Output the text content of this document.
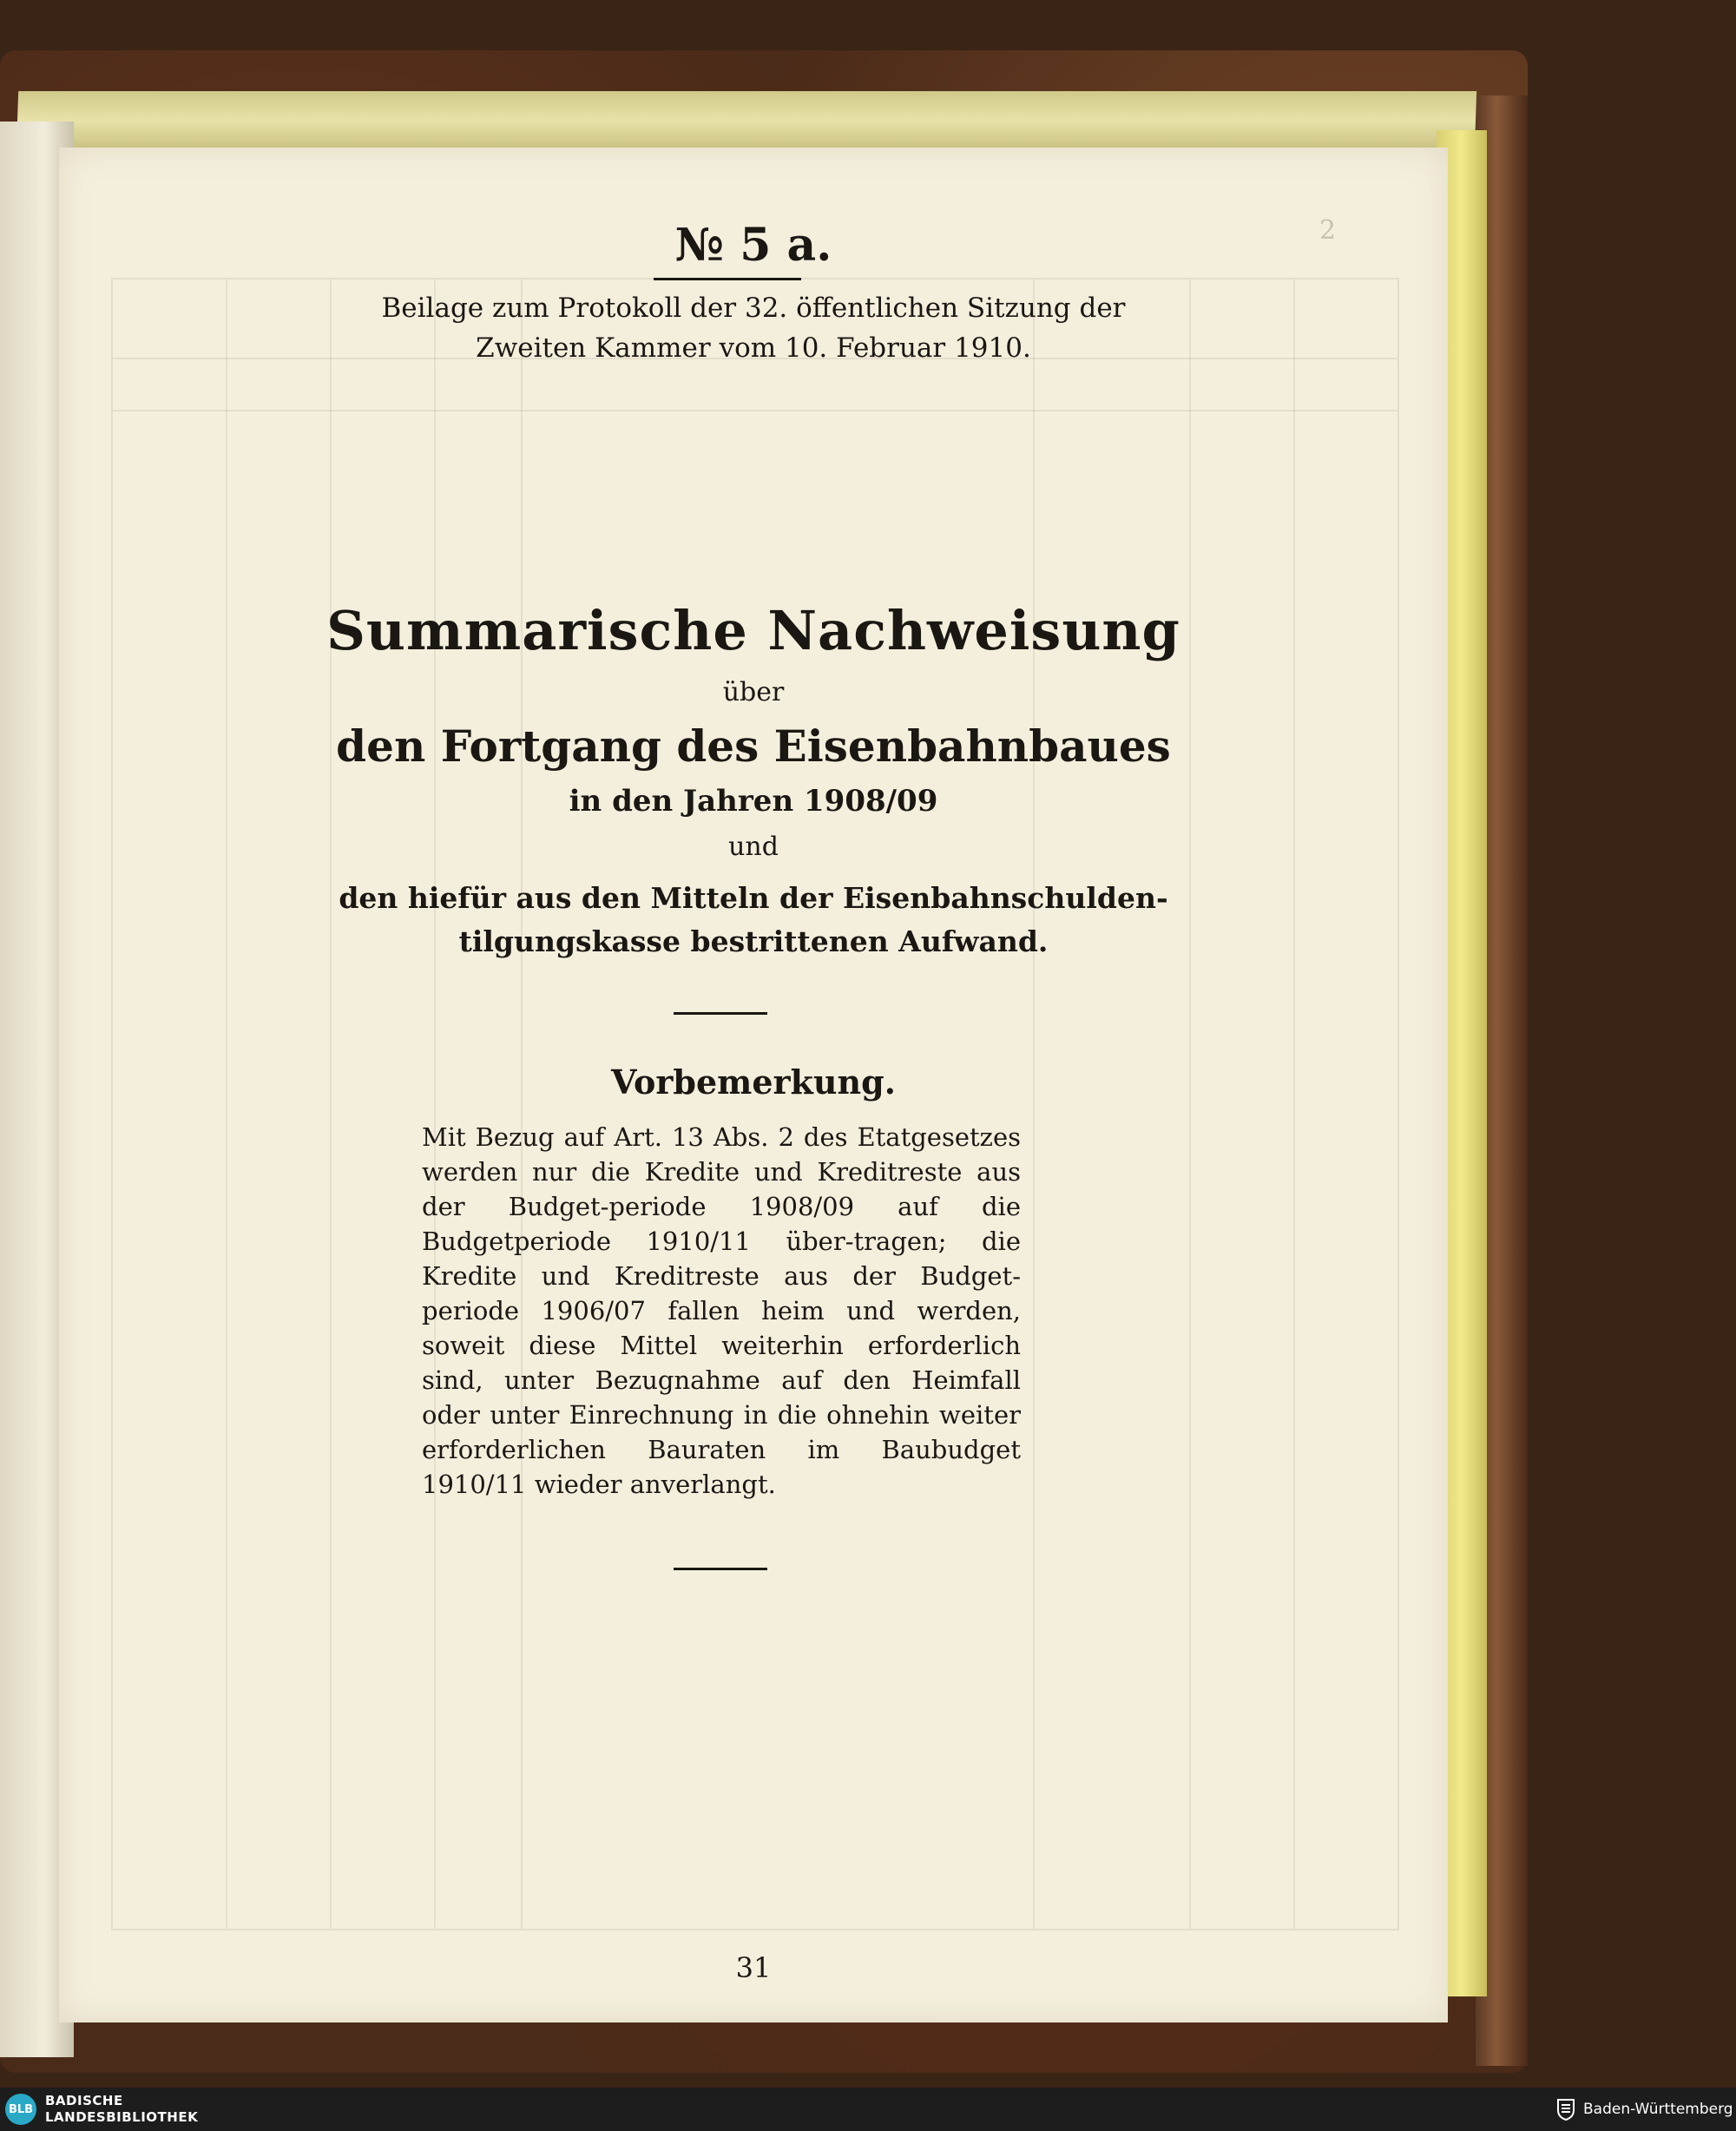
2
№ 5 a.
Beilage zum Protokoll der 32. öffentlichen Sitzung der
Zweiten Kammer vom 10. Februar 1910.
Summarische Nachweisung
über
den Fortgang des Eisenbahnbaues
in den Jahren 1908/09
und
den hiefür aus den Mitteln der Eisenbahnschulden-
tilgungskasse bestrittenen Aufwand.
Vorbemerkung.
Mit Bezug auf Art. 13 Abs. 2 des Etatgesetzes werden nur die Kredite und Kreditreste aus der Budget-periode 1908/09 auf die Budgetperiode 1910/11 über-tragen; die Kredite und Kreditreste aus der Budget-periode 1906/07 fallen heim und werden, soweit diese Mittel weiterhin erforderlich sind, unter Bezugnahme auf den Heimfall oder unter Einrechnung in die ohnehin weiter erforderlichen Bauraten im Baubudget 1910/11 wieder anverlangt.
31
BLB
BADISCHE
LANDESBIBLIOTHEK	Baden-Württemberg
